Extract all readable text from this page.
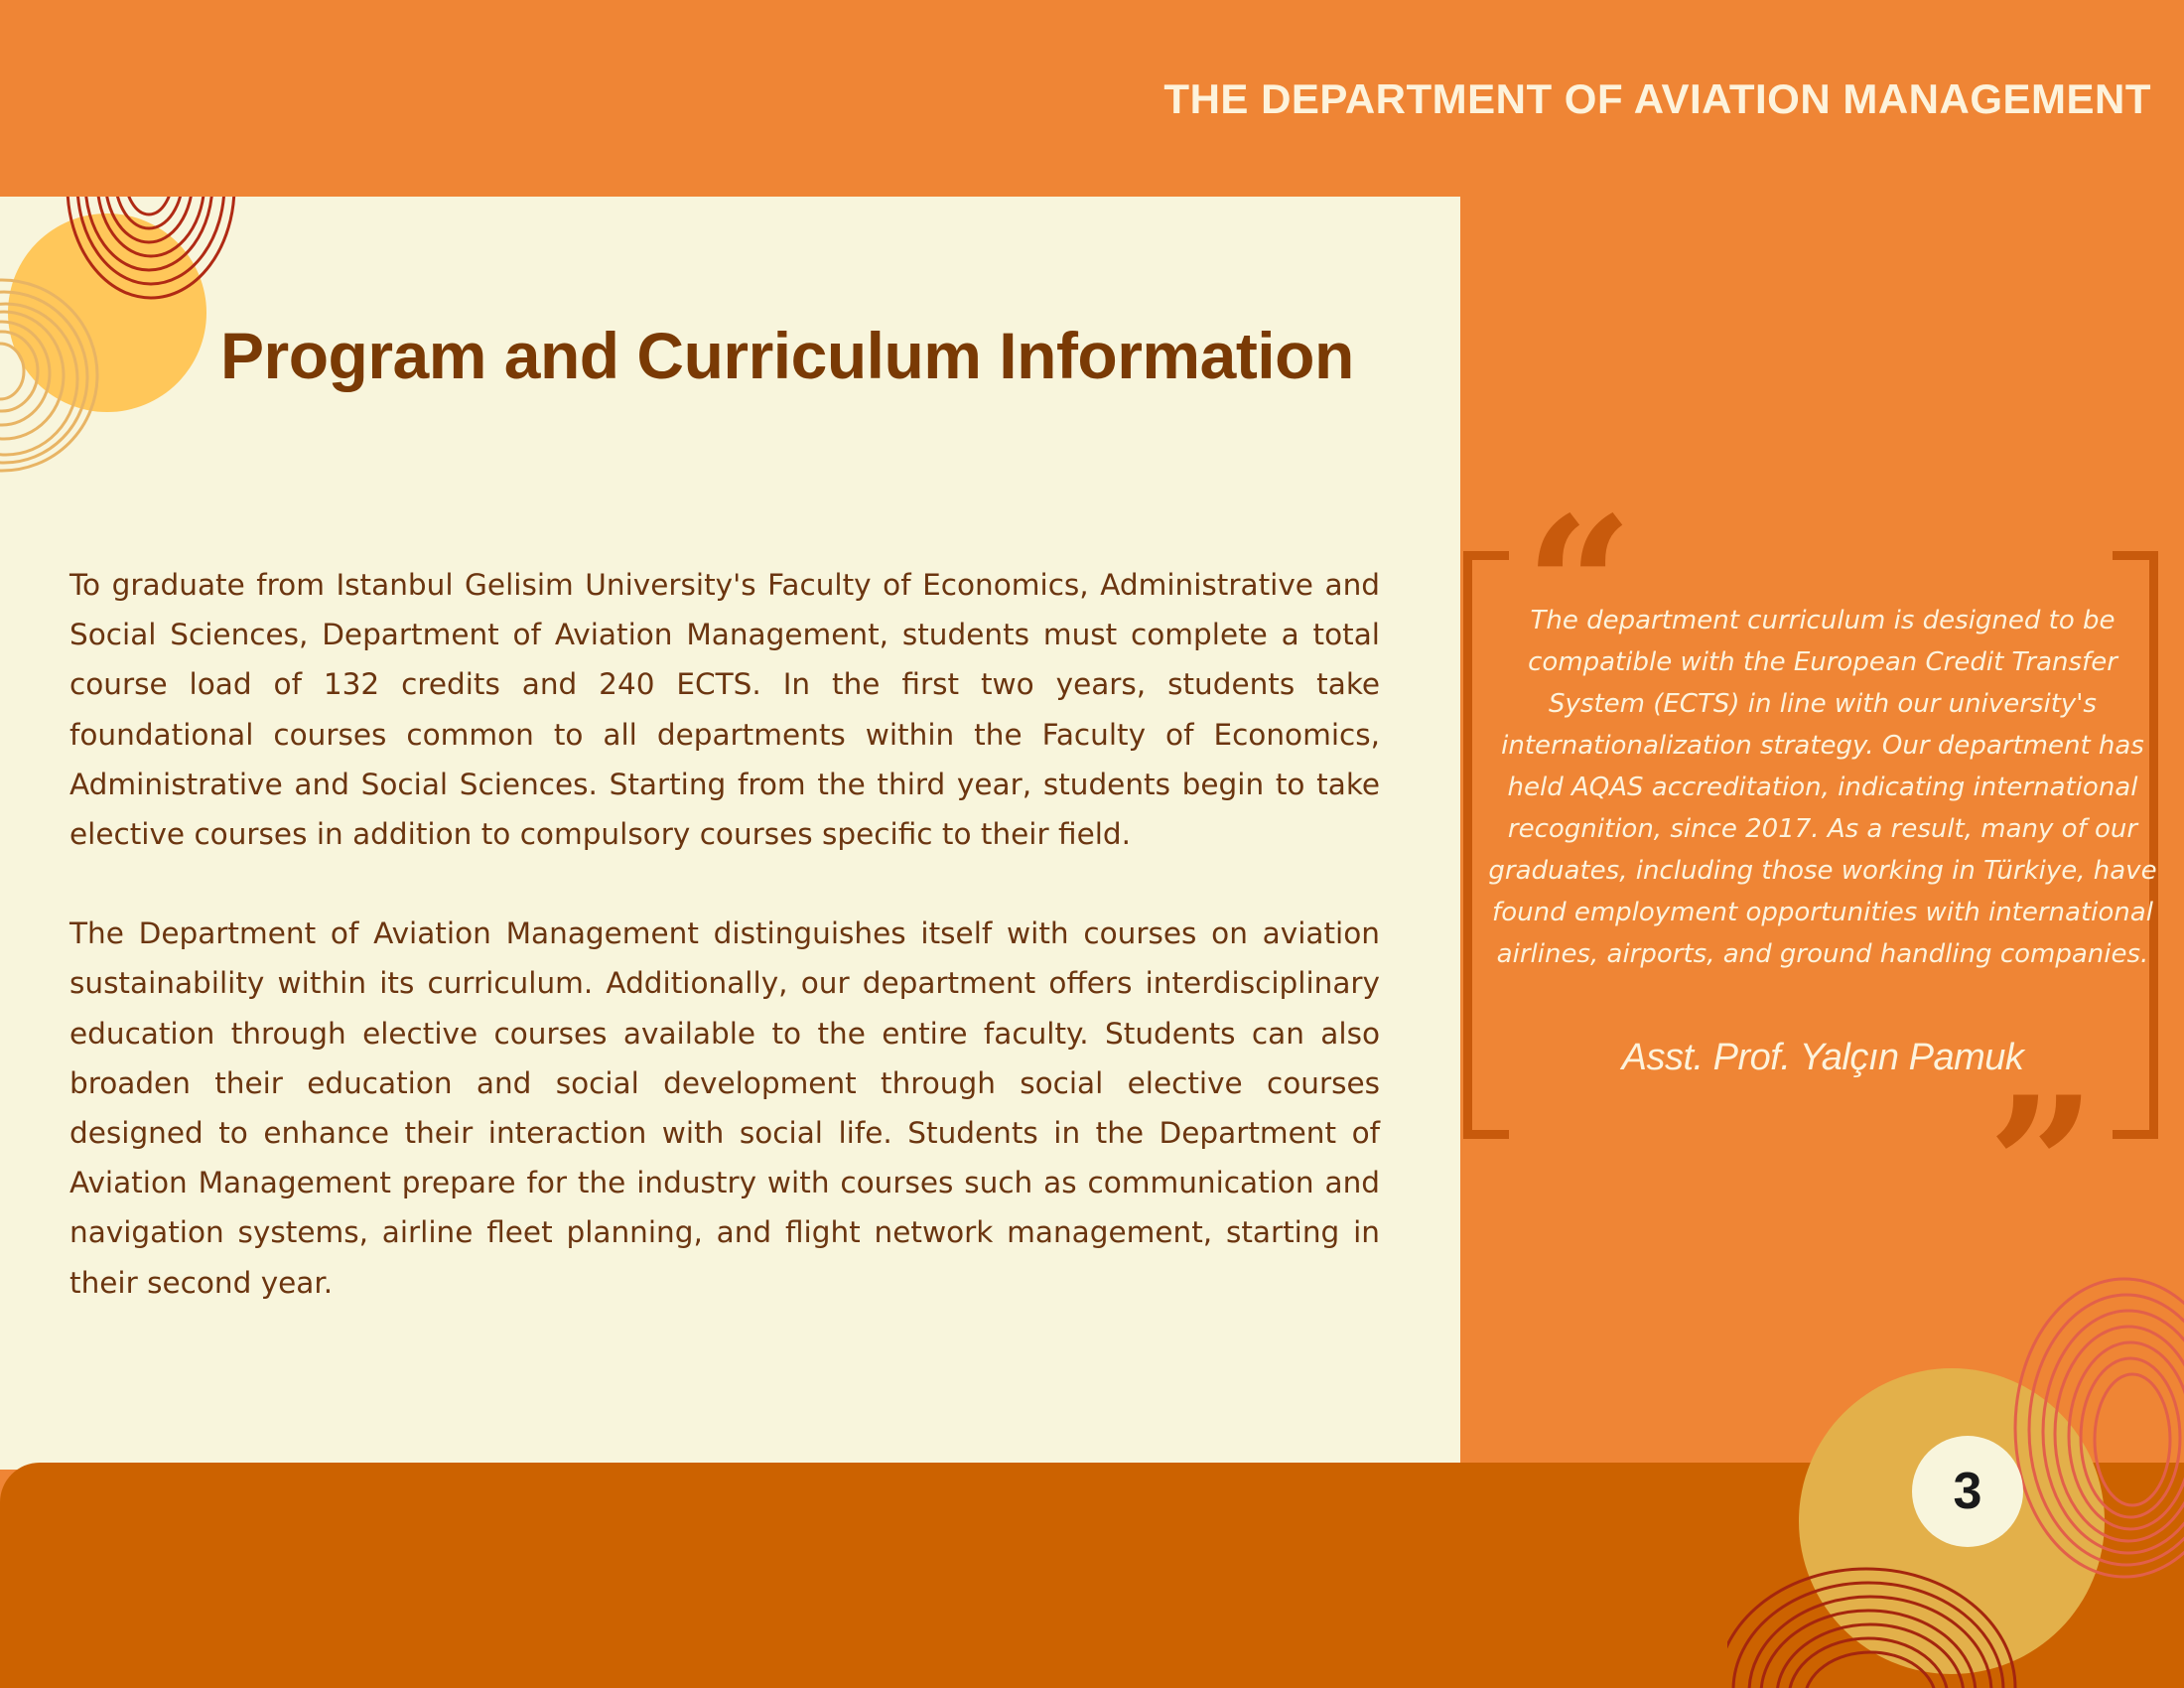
THE DEPARTMENT OF AVIATION MANAGEMENT
Program and Curriculum Information

To graduate from Istanbul Gelisim University's Faculty of Economics, Administrative and Social Sciences, Department of Aviation Management, students must complete a total course load of 132 credits and 240 ECTS. In the first two years, students take foundational courses common to all departments within the Faculty of Economics, Administrative and Social Sciences. Starting from the third year, students begin to take elective courses in addition to compulsory courses specific to their field.

The Department of Aviation Management distinguishes itself with courses on aviation sustainability within its curriculum. Additionally, our department offers interdisciplinary education through elective courses available to the entire faculty. Students can also broaden their education and social development through social elective courses designed to enhance their interaction with social life. Students in the Department of Aviation Management prepare for the industry with courses such as communication and navigation systems, airline fleet planning, and flight network management, starting in their second year.

“
The department curriculum is designed to be compatible with the European Credit Transfer System (ECTS) in line with our university's internationalization strategy. Our department has held AQAS accreditation, indicating international recognition, since 2017. As a result, many of our graduates, including those working in Türkiye, have found employment opportunities with international airlines, airports, and ground handling companies.
Asst. Prof. Yalçın Pamuk
”
3
